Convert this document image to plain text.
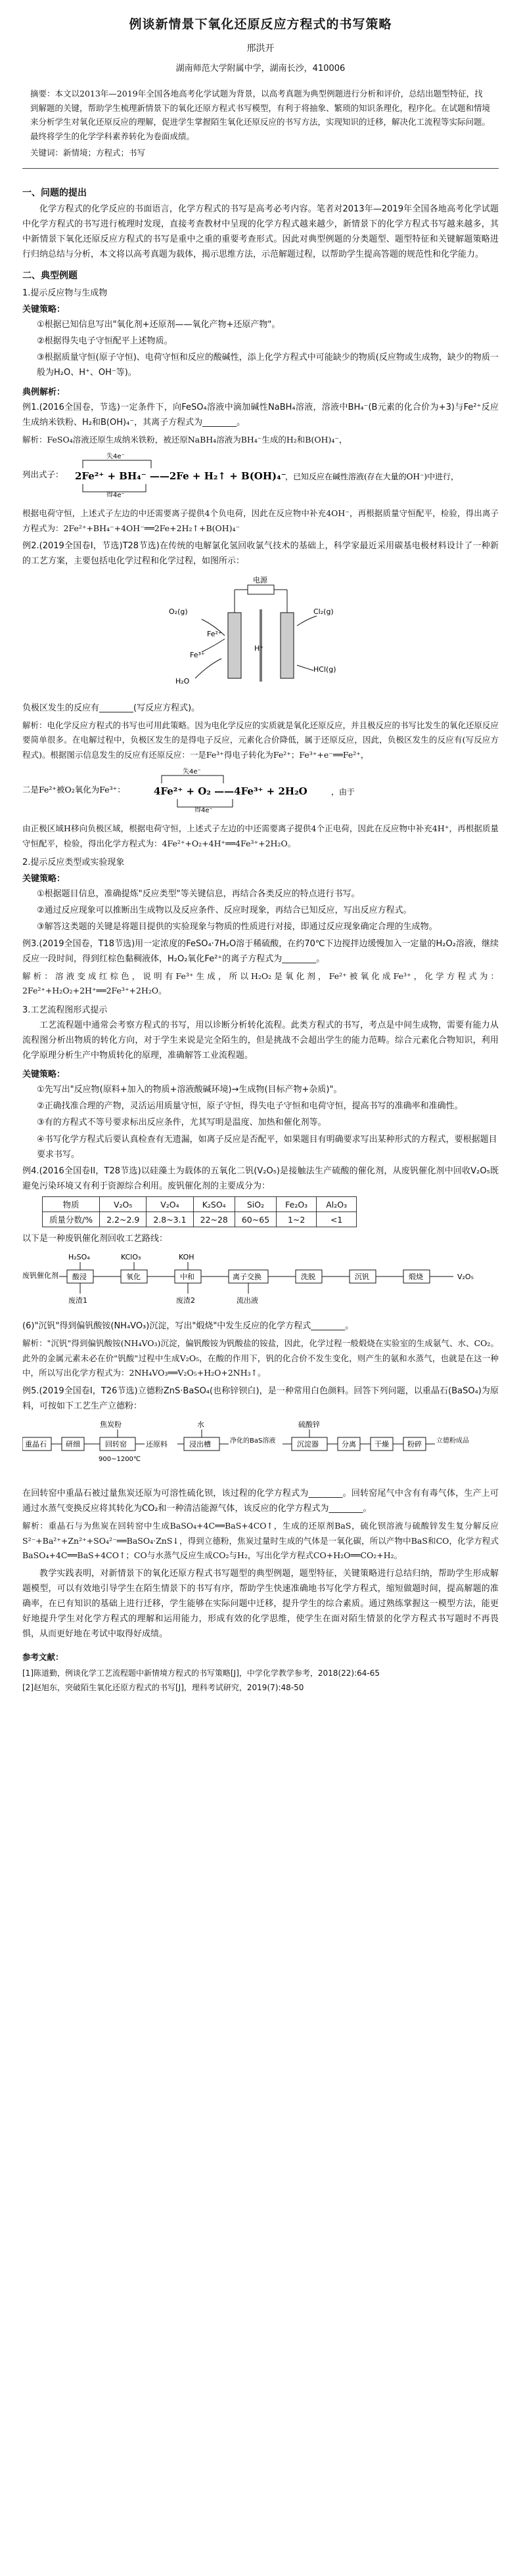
例谈新情景下氧化还原反应方程式的书写策略
邢洪开
湖南师范大学附属中学，湖南长沙，410006

摘要：本文以2013年—2019年全国各地高考化学试题为背景，以高考真题为典型例题进行分析和评价，总结出题型特征，找到解题的关键，帮助学生梳理新情景下的氧化还原方程式书写模型，有利于将抽象、繁琐的知识条理化，程序化。在试题和情境来分析学生对氧化还原反应的理解，促进学生掌握陌生氧化还原反应的书写方法，实现知识的迁移，解决化工流程等实际问题。最终将学生的化学学科素养转化为卷面成绩。

关键词：新情境；方程式；书写

一、问题的提出

化学方程式的化学反应的书面语言，化学方程式的书写是高考必考内容。笔者对2013年—2019年全国各地高考化学试题中化学方程式的书写进行梳理时发现，直接考查教材中呈现的化学方程式越来越少，新情景下的化学方程式书写越来越多，其中新情景下氧化还原反应方程式的书写是重中之重的重要考查形式。因此对典型例题的分类题型、题型特征和关键解题策略进行归纳总结与分析，本文将以高考真题为载体，揭示思维方法，示范解题过程，以帮助学生提高答题的规范性和化学能力。

二、典型例题
1.提示反应物与生成物
关键策略：
①根据已知信息写出"氧化剂+还原剂——氧化产物+还原产物"。
②根据得失电子守恒配平上述物质。
③根据质量守恒(原子守恒)、电荷守恒和反应的酸碱性，添上化学方程式中可能缺少的物质(反应物或生成物，缺少的物质一般为H₂O、H⁺、OH⁻等)。
典例解析：

例1.(2016全国卷，节选)一定条件下，向FeSO₄溶液中滴加碱性NaBH₄溶液，溶液中BH₄⁻(B元素的化合价为+3)与Fe²⁺反应生成纳米铁粉、H₂和B(OH)₄⁻，其离子方程式为________。

解析：FeSO₄溶液还原生成纳米铁粉，被还原NaBH₄溶液为BH₄⁻生成的H₂和B(OH)₄⁻，

列出式子：
失4e⁻
2Fe²⁺ + BH₄⁻ ——2Fe + H₂↑ + B(OH)₄⁻
得4e⁻
，已知反应在碱性溶液(存在大量的OH⁻)中进行，

根据电荷守恒，上述式子左边的中还需要离子提供4个负电荷，因此在反应物中补充4OH⁻，再根据质量守恒配平，检验，得出离子方程式为：2Fe²⁺+BH₄⁻+4OH⁻══2Fe+2H₂↑+B(OH)₄⁻

例2.(2019全国卷I，节选)T28节选)在传统的电解氯化氢回收氯气技术的基础上，科学家最近采用碳基电极材料设计了一种新的工艺方案，主要包括电化学过程和化学过程，如图所示：

电源
O₂(g)
Fe²⁺
Fe³⁺
H₂O
Cl₂(g)
HCl(g)
H⁺

负极区发生的反应有________(写反应方程式)。

解析：电化学反应方程式的书写也可用此策略。因为电化学反应的实质就是氧化还原反应，并且极反应的书写比发生的氧化还原反应要简单很多。在电解过程中，负极区发生的是得电子反应，元素化合价降低，属于还原反应，因此，负极区发生的反应有(写反应方程式)。根据图示信息发生的反应有还原反应：一是Fe³⁺得电子转化为Fe²⁺；Fe³⁺+e⁻══Fe²⁺，

二是Fe²⁺被O₂氧化为Fe³⁺：
失4e⁻
4Fe²⁺ + O₂ ——4Fe³⁺ + 2H₂O
得4e⁻
，由于

由正极区域H移向负极区域，根据电荷守恒，上述式子左边的中还需要离子提供4个正电荷，因此在反应物中补充4H⁺，再根据质量守恒配平，检验，得出化学方程式为：4Fe²⁺+O₂+4H⁺══4Fe³⁺+2H₂O。

2.提示反应类型或实验现象
关键策略：
①根据题目信息，准确提炼"反应类型"等关键信息，再结合各类反应的特点进行书写。
②通过反应现象可以推断出生成物以及反应条件、反应时现象，再结合已知反应，写出反应方程式。
③解答这类题的关键是将题目提供的实验现象与物质的性质进行对接，即通过反应现象确定合理的生成物。

例3.(2019全国卷，T18节选)用一定浓度的FeSO₄·7H₂O溶于稀硫酸，在约70℃下边搅拌边缓慢加入一定量的H₂O₂溶液，继续反应一段时间，得到红棕色黏稠液体，H₂O₂氧化Fe²⁺的离子方程式为________。

解析：溶液变成红棕色，说明有Fe³⁺生成，所以H₂O₂是氧化剂，Fe²⁺被氧化成Fe³⁺，化学方程式为：2Fe²⁺+H₂O₂+2H⁺══2Fe³⁺+2H₂O。

3.工艺流程图形式提示

工艺流程题中通常会考察方程式的书写，用以诊断分析转化流程。此类方程式的书写，考点是中间生成物，需要有能力从流程图分析出物质的转化方向，对于学生来说是完全陌生的，但是挑战不会超出学生的能力范畴。综合元素化合物知识，利用化学原理分析生产中物质转化的原理，准确解答工业流程题。

关键策略：
①先写出"反应物(原料+加入的物质+溶液酸碱环境)→生成物(目标产物+杂质)"。
②正确找准合理的产物，灵活运用质量守恒，原子守恒，得失电子守恒和电荷守恒，提高书写的准确率和准确性。
③有的方程式不等号要求标出反应条件，尤其写明是温度、加热和催化剂等。
④书写化学方程式后要认真检查有无遗漏，如离子反应是否配平，如果题目有明确要求写出某种形式的方程式，要根据题目要求书写。

例4.(2016全国卷II，T28节选)以硅藻土为载体的五氧化二钒(V₂O₅)是接触法生产硫酸的催化剂，从废钒催化剂中回收V₂O₅既避免污染环境又有利于资源综合利用。废钒催化剂的主要成分为：

物质	V₂O₅	V₂O₄	K₂SO₄	SiO₂	Fe₂O₃	Al₂O₃
质量分数/%	2.2~2.9	2.8~3.1	22~28	60~65	1~2	<1

以下是一种废钒催化剂回收工艺路线：

废钒催化剂 酸浸	氧化	中和	离子交换	洗脱	沉钒	煅烧	V₂O₅
H₂SO₄	KClO₃	KOH
废渣1	废渣2	流出液

(6)"沉钒"得到偏钒酸铵(NH₄VO₃)沉淀，写出"煅烧"中发生反应的化学方程式________。

解析："沉钒"得到偏钒酸铵(NH₄VO₃)沉淀，偏钒酸铵为钒酸盐的铵盐，因此，化学过程一般煅烧在实验室的生成氨气、水、CO₂。此外的金属元素未必在价"钒酸"过程中生成V₂O₅，在酸的作用下，钒的化合价不发生变化，则产生的氨和水蒸气，也就是在这一种中，所以写出化学方程式为：2NH₄VO₃══V₂O₅+H₂O+2NH₃↑。

例5.(2019全国卷I，T26节选)立德粉ZnS·BaSO₄(也称锌钡白)，是一种常用白色颜料。回答下列问题，以重晶石(BaSO₄)为原料，可按如下工艺生产立德粉：

重晶石	研细	回转窑	还原料	浸出槽	净化的BaS溶液	沉淀器	分离	干燥	粉碎 立德粉成品
焦炭粉
900~1200℃
水	硫酸锌

在回转窑中重晶石被过量焦炭还原为可溶性硫化钡，该过程的化学方程式为________。回转窑尾气中含有有毒气体，生产上可通过水蒸气变换反应将其转化为CO₂和一种清洁能源气体，该反应的化学方程式为________。

解析：重晶石与为焦炭在回转窑中生成BaSO₄+4C══BaS+4CO↑，生成的还原剂BaS，硫化钡溶液与硫酸锌发生复分解反应S²⁻+Ba²⁺+Zn²⁺+SO₄²⁻══BaSO₄·ZnS↓，得到立德粉，焦炭过量时生成的气体是一氧化碳，所以产物中BaS和CO，化学方程式BaSO₄+4C══BaS+4CO↑；CO与水蒸气反应生成CO₂与H₂，写出化学方程式CO+H₂O══CO₂+H₂。

教学实践表明，对新情景下的氧化还原方程式书写题型的典型例题，题型特征，关键策略进行总结归纳，帮助学生形成解题模型，可以有效地引导学生在陌生情景下的书写有序，帮助学生快速准确地书写化学方程式，缩短做题时间，提高解题的准确率，在已有知识的基础上进行迁移，学生能够在实际问题中迁移，提升学生的综合素质。通过熟练掌握这一模型方法，能更好地提升学生对化学方程式的理解和运用能力，形成有效的化学思维，使学生在面对陌生情景的化学方程式书写题时不再畏惧，从而更好地在考试中取得好成绩。

参考文献：
[1]陈道勤，例谈化学工艺流程题中新情境方程式的书写策略[J]，中学化学教学参考，2018(22):64-65
[2]赵旭东，突破陌生氧化还原方程式的书写[J]，理科考试研究，2019(7):48-50
